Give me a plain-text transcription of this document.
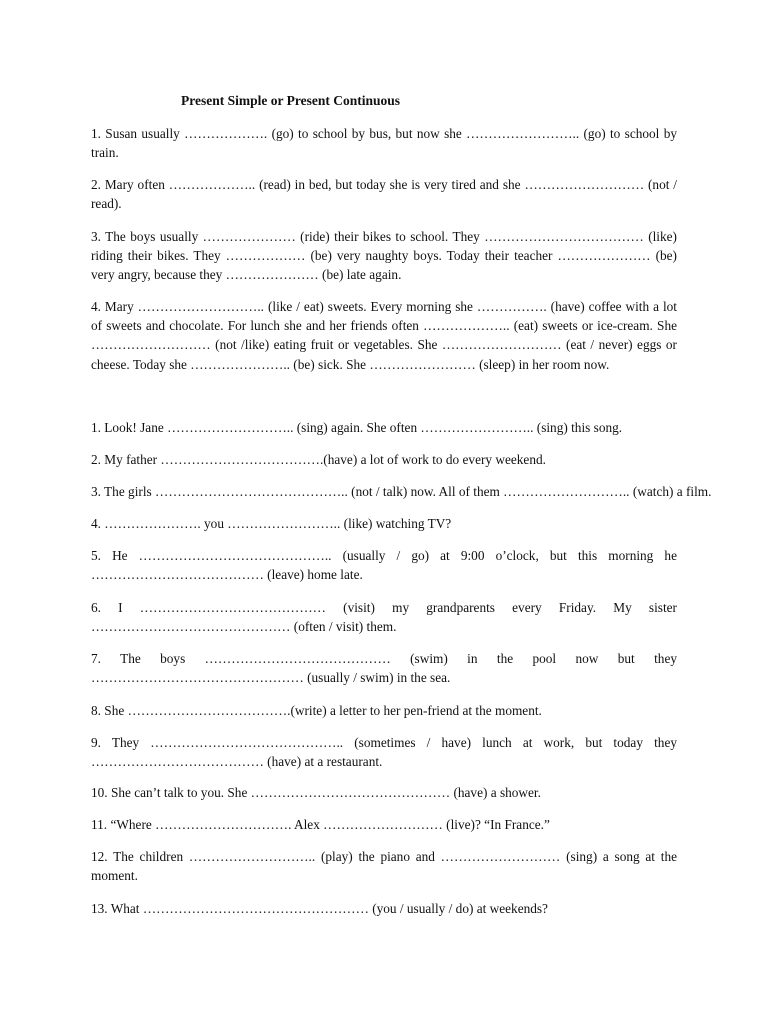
Present Simple or Present Continuous

1. Susan usually ………………. (go) to school by bus, but now she …………………….. (go) to school by train.

2. Mary often ……………….. (read) in bed, but today she is very tired and she ……………………… (not / read).

3. The boys usually ………………… (ride) their bikes to school. They ……………………………… (like) riding their bikes. They ……………… (be) very naughty boys. Today their teacher ………………… (be) very angry, because they ………………… (be) late again.

4. Mary ……………………….. (like / eat) sweets. Every morning she ……………. (have) coffee with a lot of sweets and chocolate. For lunch she and her friends often ……………….. (eat) sweets or ice-cream. She ……………………… (not /like) eating fruit or vegetables. She ……………………… (eat / never) eggs or cheese. Today she ………………….. (be) sick. She …………………… (sleep) in her room now.

1. Look! Jane ……………………….. (sing) again. She often …………………….. (sing) this song.

2. My father ……………………………….(have) a lot of work to do every weekend.

3. The girls …………………………………….. (not / talk) now. All of them ……………………….. (watch) a film.

4. …………………. you …………………….. (like) watching TV?

5. He …………………………………….. (usually / go) at 9:00 o’clock, but this morning he ………………………………… (leave) home late.

6. I …………………………………… (visit) my grandparents every Friday. My sister ……………………………………… (often / visit) them.

7. The boys …………………………………… (swim) in the pool now but they ………………………………………… (usually / swim) in the sea.

8. She ……………………………….(write) a letter to her pen-friend at the moment.

9. They …………………………………….. (sometimes / have) lunch at work, but today they ………………………………… (have) at a restaurant.

10. She can’t talk to you. She ……………………………………… (have) a shower.

11. “Where …………………………. Alex ……………………… (live)? “In France.”

12. The children ……………………….. (play) the piano and ……………………… (sing) a song at the moment.

13. What …………………………………………… (you / usually / do) at weekends?
